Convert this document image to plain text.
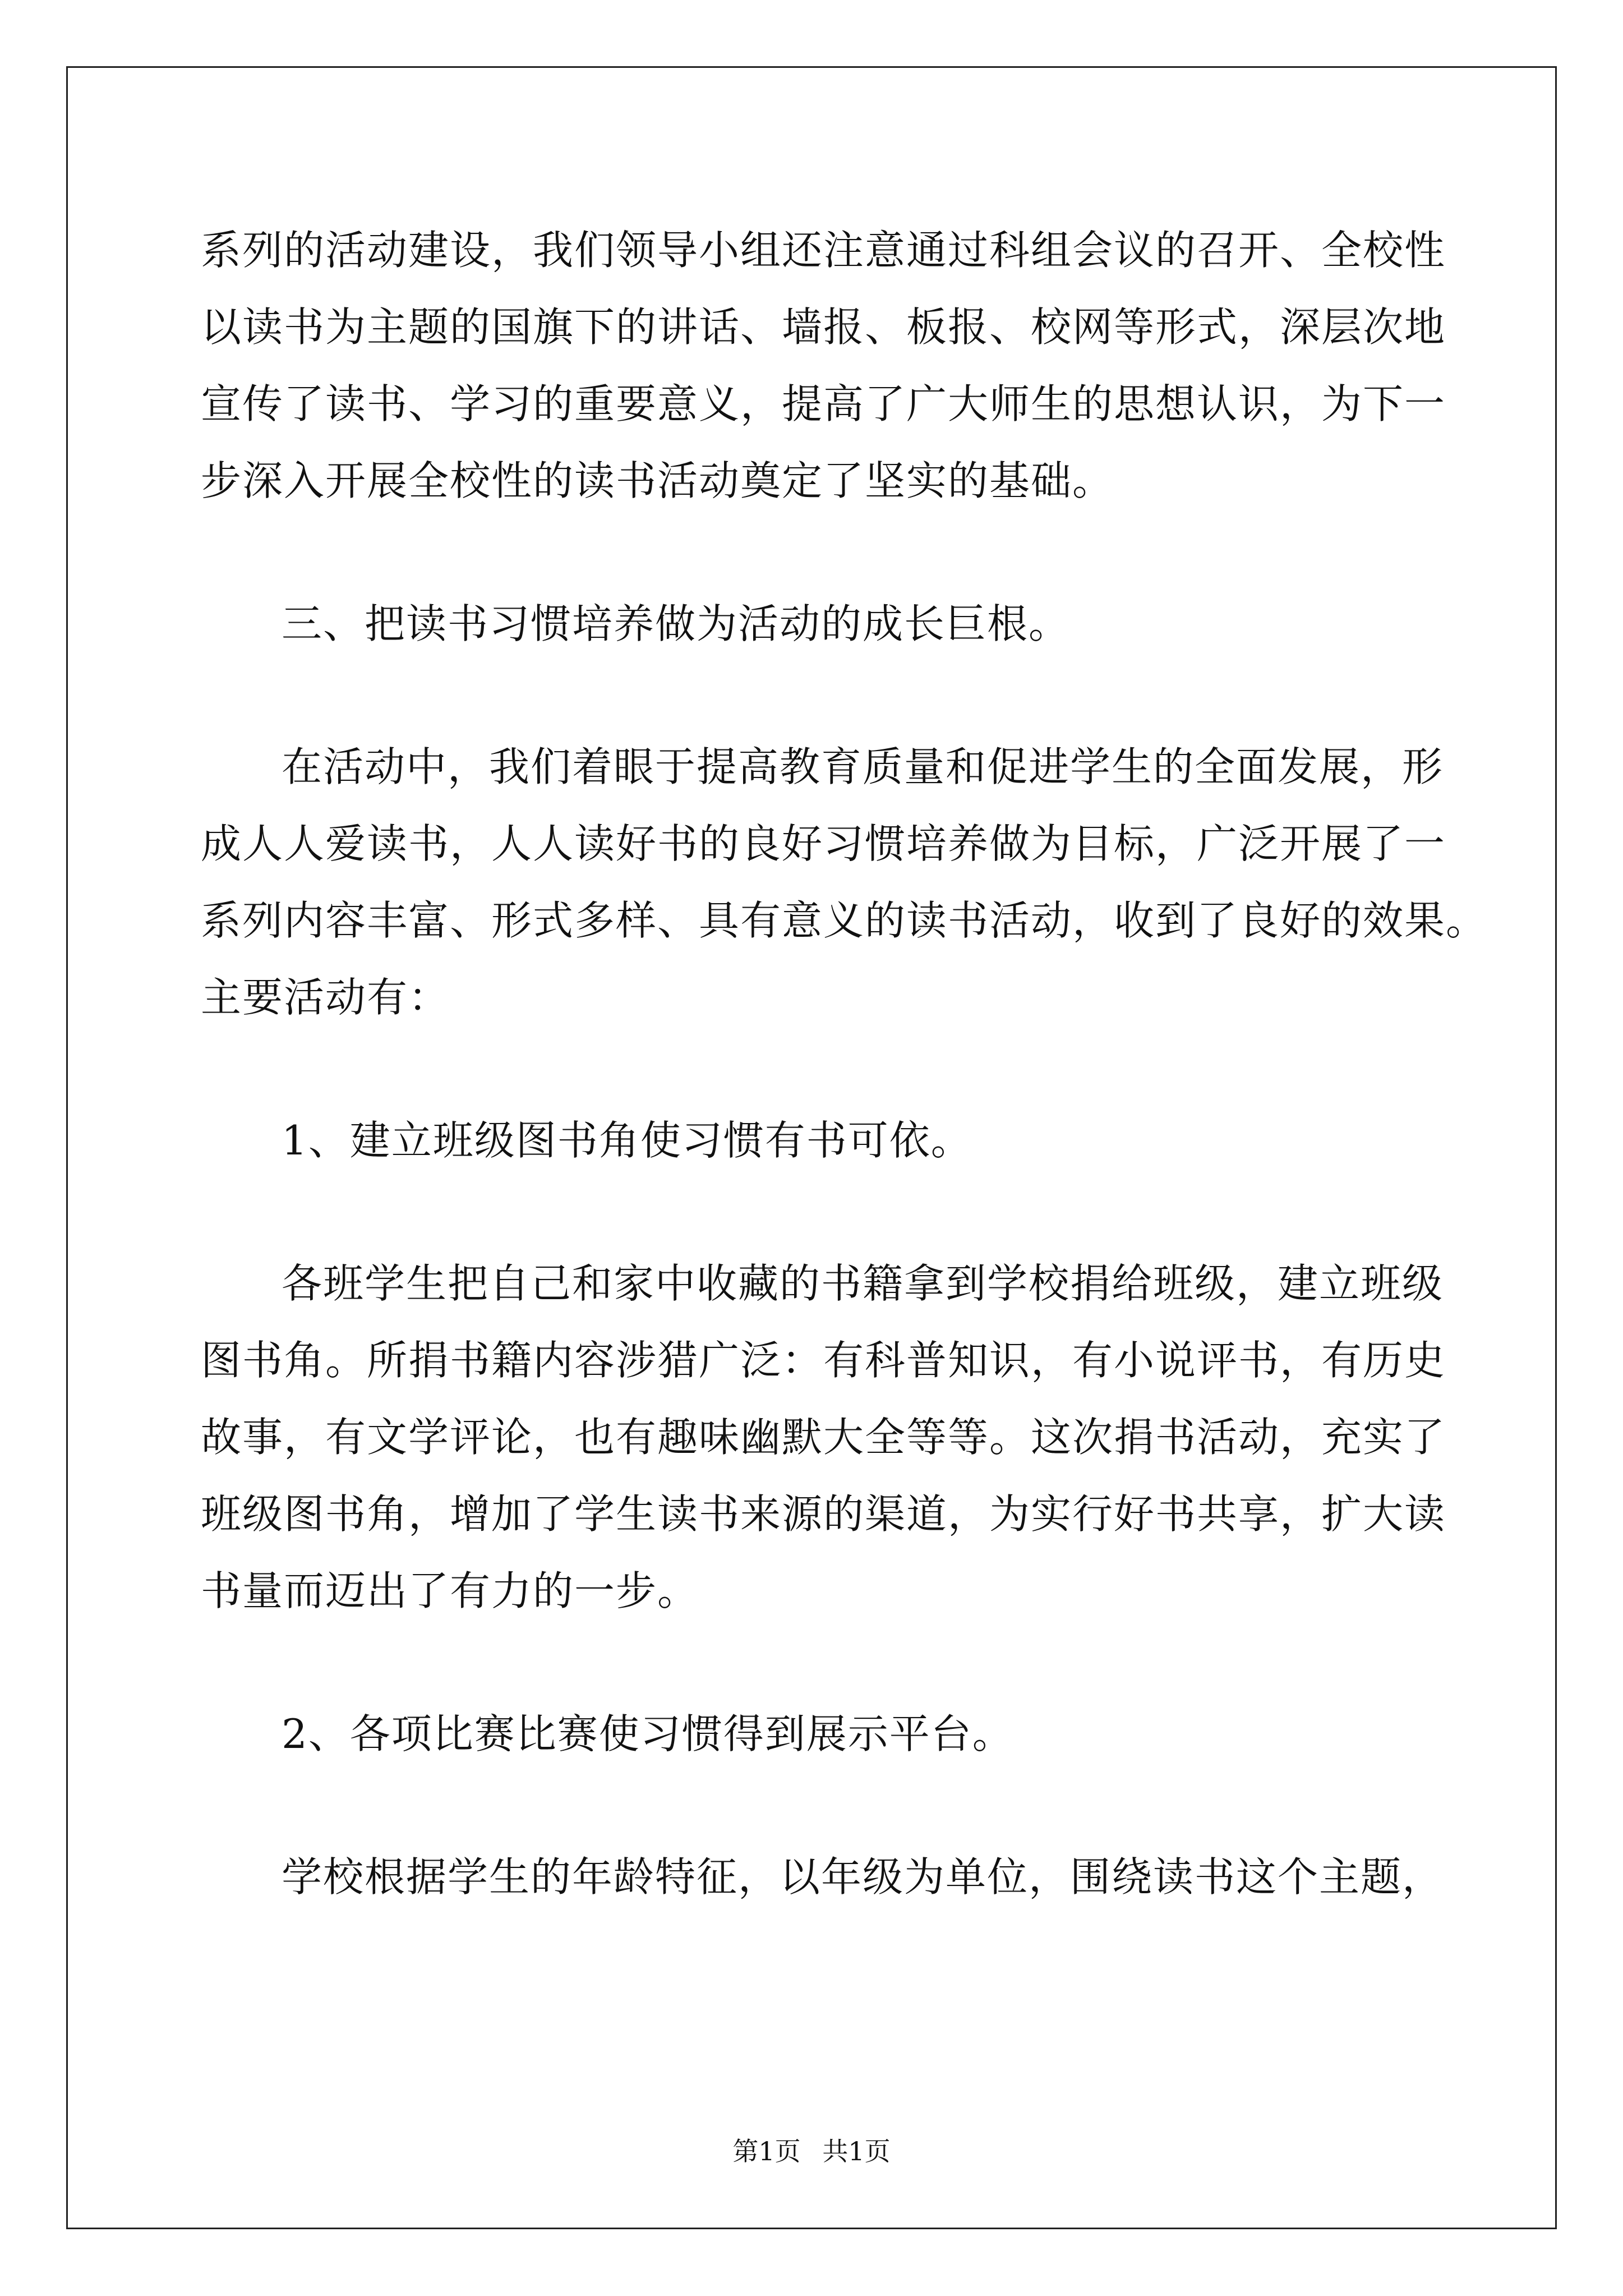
系列的活动建设，我们领导小组还注意通过科组会议的召开、全校性
以读书为主题的国旗下的讲话、墙报、板报、校网等形式，深层次地
宣传了读书、学习的重要意义，提高了广大师生的思想认识，为下一
步深入开展全校性的读书活动奠定了坚实的基础。
三、把读书习惯培养做为活动的成长巨根。
在活动中，我们着眼于提高教育质量和促进学生的全面发展，形
成人人爱读书，人人读好书的良好习惯培养做为目标，广泛开展了一
系列内容丰富、形式多样、具有意义的读书活动，收到了良好的效果。
主要活动有：
1、建立班级图书角使习惯有书可依。
各班学生把自己和家中收藏的书籍拿到学校捐给班级，建立班级
图书角。所捐书籍内容涉猎广泛：有科普知识，有小说评书，有历史
故事，有文学评论，也有趣味幽默大全等等。这次捐书活动，充实了
班级图书角，增加了学生读书来源的渠道，为实行好书共享，扩大读
书量而迈出了有力的一步。
2、各项比赛比赛使习惯得到展示平台。
学校根据学生的年龄特征，以年级为单位，围绕读书这个主题，
第1页 共1页
